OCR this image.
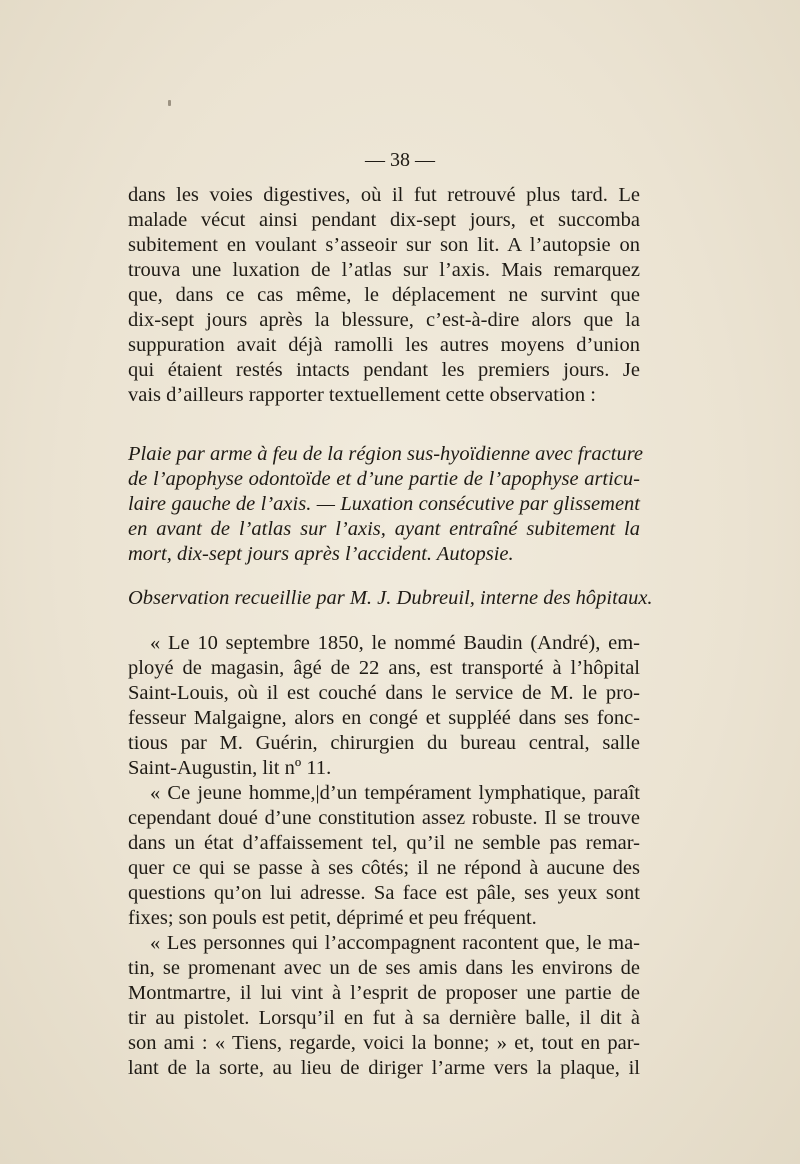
— 38 —
dans les voies digestives, où il fut retrouvé plus tard. Le
malade vécut ainsi pendant dix-sept jours, et succomba
subitement en voulant s’asseoir sur son lit. A l’autopsie on
trouva une luxation de l’atlas sur l’axis. Mais remarquez
que, dans ce cas même, le déplacement ne survint que
dix-sept jours après la blessure, c’est-à-dire alors que la
suppuration avait déjà ramolli les autres moyens d’union
qui étaient restés intacts pendant les premiers jours. Je
vais d’ailleurs rapporter textuellement cette observation :
Plaie par arme à feu de la région sus-hyoïdienne avec fracture
de l’apophyse odontoïde et d’une partie de l’apophyse articu-
laire gauche de l’axis. — Luxation consécutive par glissement
en avant de l’atlas sur l’axis, ayant entraîné subitement la
mort, dix-sept jours après l’accident. Autopsie.
Observation recueillie par M. J. Dubreuil, interne des hôpitaux.
« Le 10 septembre 1850, le nommé Baudin (André), em-
ployé de magasin, âgé de 22 ans, est transporté à l’hôpital
Saint-Louis, où il est couché dans le service de M. le pro-
fesseur Malgaigne, alors en congé et suppléé dans ses fonc-
tious par M. Guérin, chirurgien du bureau central, salle
Saint-Augustin, lit nº 11.
« Ce jeune homme,|d’un tempérament lymphatique, paraît
cependant doué d’une constitution assez robuste. Il se trouve
dans un état d’affaissement tel, qu’il ne semble pas remar-
quer ce qui se passe à ses côtés; il ne répond à aucune des
questions qu’on lui adresse. Sa face est pâle, ses yeux sont
fixes; son pouls est petit, déprimé et peu fréquent.
« Les personnes qui l’accompagnent racontent que, le ma-
tin, se promenant avec un de ses amis dans les environs de
Montmartre, il lui vint à l’esprit de proposer une partie de
tir au pistolet. Lorsqu’il en fut à sa dernière balle, il dit à
son ami : « Tiens, regarde, voici la bonne; » et, tout en par-
lant de la sorte, au lieu de diriger l’arme vers la plaque, il
